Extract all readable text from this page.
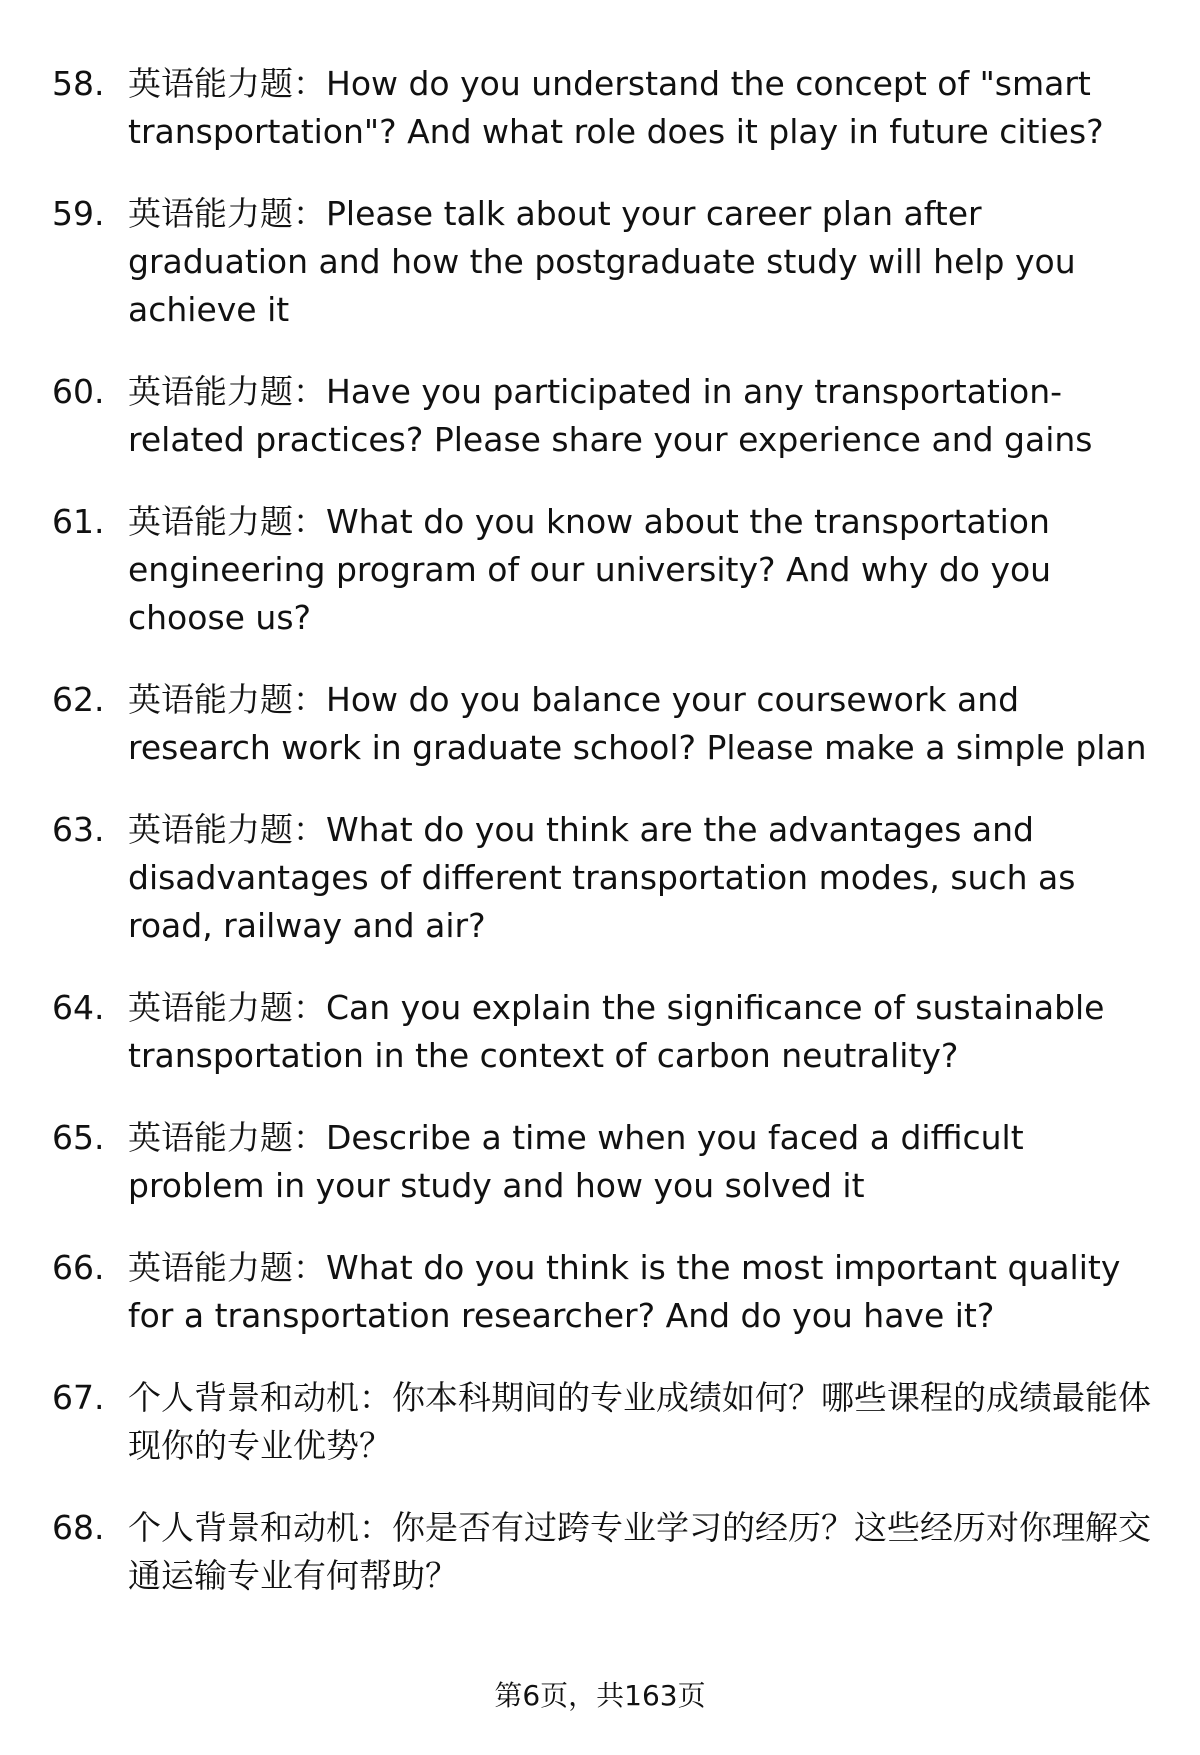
58. 英语能力题：How do you understand the concept of "smart transportation"? And what role does it play in future cities?
59. 英语能力题：Please talk about your career plan after graduation and how the postgraduate study will help you achieve it
60. 英语能力题：Have you participated in any transportation-related practices? Please share your experience and gains
61. 英语能力题：What do you know about the transportation engineering program of our university? And why do you choose us?
62. 英语能力题：How do you balance your coursework and research work in graduate school? Please make a simple plan
63. 英语能力题：What do you think are the advantages and disadvantages of different transportation modes, such as road, railway and air?
64. 英语能力题：Can you explain the significance of sustainable transportation in the context of carbon neutrality?
65. 英语能力题：Describe a time when you faced a difficult problem in your study and how you solved it
66. 英语能力题：What do you think is the most important quality for a transportation researcher? And do you have it?
67. 个人背景和动机：你本科期间的专业成绩如何？哪些课程的成绩最能体现你的专业优势？
68. 个人背景和动机：你是否有过跨专业学习的经历？这些经历对你理解交通运输专业有何帮助？
第6页，共163页
